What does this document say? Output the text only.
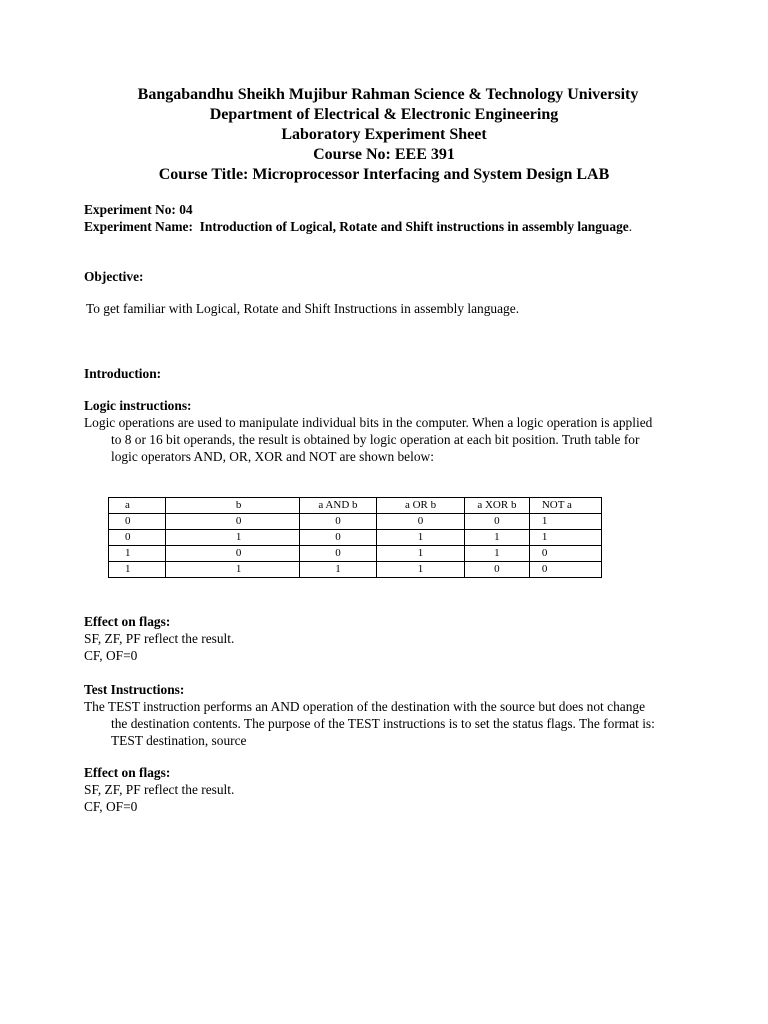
Bangabandhu Sheikh Mujibur Rahman Science & Technology University
Department of Electrical & Electronic Engineering
Laboratory Experiment Sheet
Course No: EEE 391
Course Title: Microprocessor Interfacing and System Design LAB
Experiment No: 04
Experiment Name: Introduction of Logical, Rotate and Shift instructions in assembly language.
Objective:
To get familiar with Logical, Rotate and Shift Instructions in assembly language.
Introduction:
Logic instructions:
Logic operations are used to manipulate individual bits in the computer. When a logic operation is applied to 8 or 16 bit operands, the result is obtained by logic operation at each bit position. Truth table for logic operators AND, OR, XOR and NOT are shown below:
a	b	a AND b	a OR b	a XOR b	NOT a
0	0	0	0	0	1
0	1	0	1	1	1
1	0	0	1	1	0
1	1	1	1	0	0
Effect on flags:
SF, ZF, PF reflect the result.
CF, OF=0
Test Instructions:
The TEST instruction performs an AND operation of the destination with the source but does not change the destination contents. The purpose of the TEST instructions is to set the status flags. The format is: TEST destination, source
Effect on flags:
SF, ZF, PF reflect the result.
CF, OF=0
